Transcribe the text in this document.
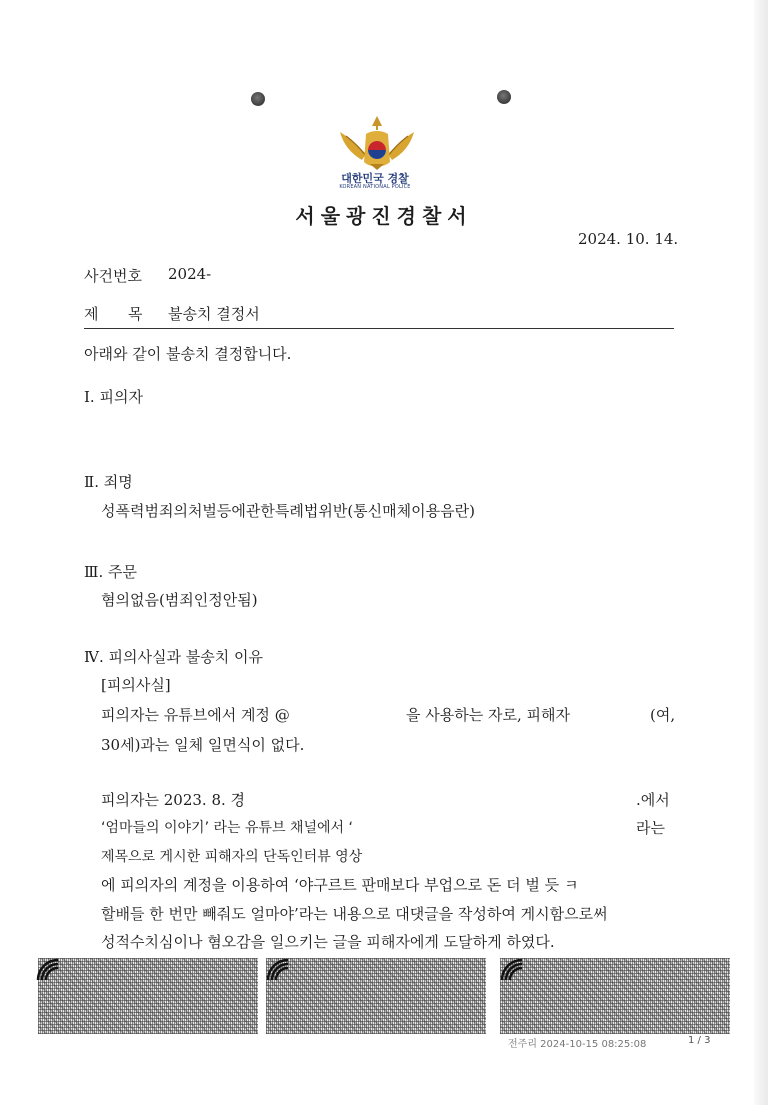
대한민국 경찰
KOREAN NATIONAL POLICE
서울광진경찰서
2024. 10. 14.
사건번호 2024-
제 목 불송치 결정서
아래와 같이 불송치 결정합니다.
Ⅰ. 피의자
Ⅱ. 죄명
성폭력범죄의처벌등에관한특례법위반(통신매체이용음란)
Ⅲ. 주문
혐의없음(범죄인정안됨)
Ⅳ. 피의사실과 불송치 이유
[피의사실]
피의자는 유튜브에서 계정 @	을 사용하는 자로, 피해자	(여,
30세)과는 일체 일면식이 없다.
피의자는 2023. 8. 경	.에서
‘엄마들의 이야기’ 라는 유튜브 채널에서 ‘	라는
제목으로 게시한 피해자의 단독인터뷰 영상
에 피의자의 계정을 이용하여 ‘야구르트 판매보다 부업으로 돈 더 벌 듯 ㅋ
할배들 한 번만 빼줘도 얼마야’라는 내용으로 대댓글을 작성하여 게시함으로써
성적수치심이나 혐오감을 일으키는 글을 피해자에게 도달하게 하였다.
전주리 2024-10-15 08:25:08	1 / 3
